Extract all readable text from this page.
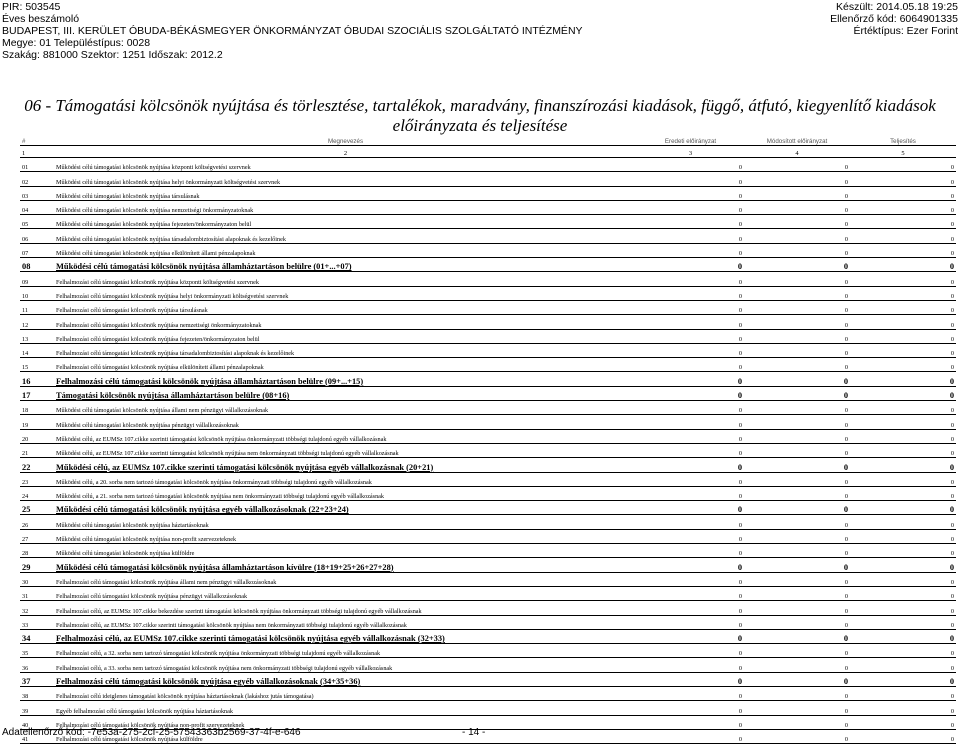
PIR: 503545
Éves beszámoló
BUDAPEST, III. KERÜLET ÓBUDA-BÉKÁSMEGYER ÖNKORMÁNYZAT ÓBUDAI SZOCIÁLIS SZOLGÁLTATÓ INTÉZMÉNY
Megye: 01 Településtípus: 0028
Szakág: 881000 Szektor: 1251 Időszak: 2012.2
Készült: 2014.05.18 19:25
Ellenőrző kód: 6064901335
Értéktípus: Ezer Forint
06 - Támogatási kölcsönök nyújtása és törlesztése, tartalékok, maradvány, finanszírozási kiadások, függő, átfutó, kiegyenlítő kiadások előirányzata és teljesítése
#	Megnevezés	Eredeti előirányzat	Módosított előirányzat	Teljesítés
1	2	3	4	5
01	Működési célú támogatási kölcsönök nyújtása központi költségvetési szervnek	0	0	0
02	Működési célú támogatási kölcsönök nyújtása helyi önkormányzati költségvetési szervnek	0	0	0
03	Működési célú támogatási kölcsönök nyújtása társulásnak	0	0	0
04	Működési célú támogatási kölcsönök nyújtása nemzetiségi önkormányzatoknak	0	0	0
05	Működési célú támogatási kölcsönök nyújtása fejezeten/önkormányzaton belül	0	0	0
06	Működési célú támogatási kölcsönök nyújtása társadalombiztosítási alapoknak és kezelőinek	0	0	0
07	Működési célú támogatási kölcsönök nyújtása elkülönített állami pénzalapoknak	0	0	0
08	Működési célú támogatási kölcsönök nyújtása államháztartáson belülre (01+...+07)	0	0	0
09	Felhalmozási célú támogatási kölcsönök nyújtása központi költségvetési szervnek	0	0	0
10	Felhalmozási célú támogatási kölcsönök nyújtása helyi önkormányzati költségvetési szervnek	0	0	0
11	Felhalmozási célú támogatási kölcsönök nyújtása társulásnak	0	0	0
12	Felhalmozási célú támogatási kölcsönök nyújtása nemzetiségi önkormányzatoknak	0	0	0
13	Felhalmozási célú támogatási kölcsönök nyújtása fejezeten/önkormányzaton belül	0	0	0
14	Felhalmozási célú támogatási kölcsönök nyújtása társadalombiztosítási alapoknak és kezelőinek	0	0	0
15	Felhalmozási célú támogatási kölcsönök nyújtása elkülönített állami pénzalapoknak	0	0	0
16	Felhalmozási célú támogatási kölcsönök nyújtása államháztartáson belülre (09+...+15)	0	0	0
17	Támogatási kölcsönök nyújtása államháztartáson belülre (08+16)	0	0	0
18	Működési célú támogatási kölcsönök nyújtása állami nem pénzügyi vállalkozásoknak	0	0	0
19	Működési célú támogatási kölcsönök nyújtása pénzügyi vállalkozásoknak	0	0	0
20	Működési célú, az EUMSz 107.cikke szerinti támogatási kölcsönök nyújtása önkormányzati többségi tulajdonú egyéb vállalkozásnak	0	0	0
21	Működési célú, az EUMSz 107.cikke szerinti támogatási kölcsönök nyújtása nem önkormányzati többségi tulajdonú egyéb vállalkozásnak	0	0	0
22	Működési célú, az EUMSz 107.cikke szerinti támogatási kölcsönök nyújtása egyéb vállalkozásnak (20+21)	0	0	0
23	Működési célú, a 20. sorba nem tartozó támogatási kölcsönök nyújtása önkormányzati többségi tulajdonú egyéb vállalkozásnak	0	0	0
24	Működési célú, a 21. sorba nem tartozó támogatási kölcsönök nyújtása nem önkormányzati többségi tulajdonú egyéb vállalkozásnak	0	0	0
25	Működési célú támogatási kölcsönök nyújtása egyéb vállalkozásoknak (22+23+24)	0	0	0
26	Működési célú támogatási kölcsönök nyújtása háztartásoknak	0	0	0
27	Működési célú támogatási kölcsönök nyújtása non-profit szervezeteknek	0	0	0
28	Működési célú támogatási kölcsönök nyújtása külföldre	0	0	0
29	Működési célú támogatási kölcsönök nyújtása államháztartáson kívülre (18+19+25+26+27+28)	0	0	0
30	Felhalmozási célú támogatási kölcsönök nyújtása állami nem pénzügyi vállalkozásoknak	0	0	0
31	Felhalmozási célú támogatási kölcsönök nyújtása pénzügyi vállalkozásoknak	0	0	0
32	Felhalmozási célú, az EUMSz 107.cikke bekezdése szerinti támogatási kölcsönök nyújtása önkormányzati többségi tulajdonú egyéb vállalkozásnak	0	0	0
33	Felhalmozási célú, az EUMSz 107.cikke szerinti támogatási kölcsönök nyújtása nem önkormányzati többségi tulajdonú egyéb vállalkozásnak	0	0	0
34	Felhalmozási célú, az EUMSz 107.cikke szerinti támogatási kölcsönök nyújtása egyéb vállalkozásnak (32+33)	0	0	0
35	Felhalmozási célú, a 32. sorba nem tartozó támogatási kölcsönök nyújtása önkormányzati többségi tulajdonú egyéb vállalkozásnak	0	0	0
36	Felhalmozási célú, a 33. sorba nem tartozó támogatási kölcsönök nyújtása nem önkormányzati többségi tulajdonú egyéb vállalkozásnak	0	0	0
37	Felhalmozási célú támogatási kölcsönök nyújtása egyéb vállalkozásoknak (34+35+36)	0	0	0
38	Felhalmozási célú ideiglenes támogatási kölcsönök nyújtása háztartásoknak (lakáshoz jutás támogatása)	0	0	0
39	Egyéb felhalmozási célú támogatási kölcsönök nyújtása háztartásoknak	0	0	0
40	Felhalmozási célú támogatási kölcsönök nyújtása non-profit szervezeteknek	0	0	0
41	Felhalmozási célú támogatási kölcsönök nyújtása külföldre	0	0	0
Adatellenőrző kód: -7e53a-275-2cf-25-57543363b2569-37-4f-e-646	- 14 -
